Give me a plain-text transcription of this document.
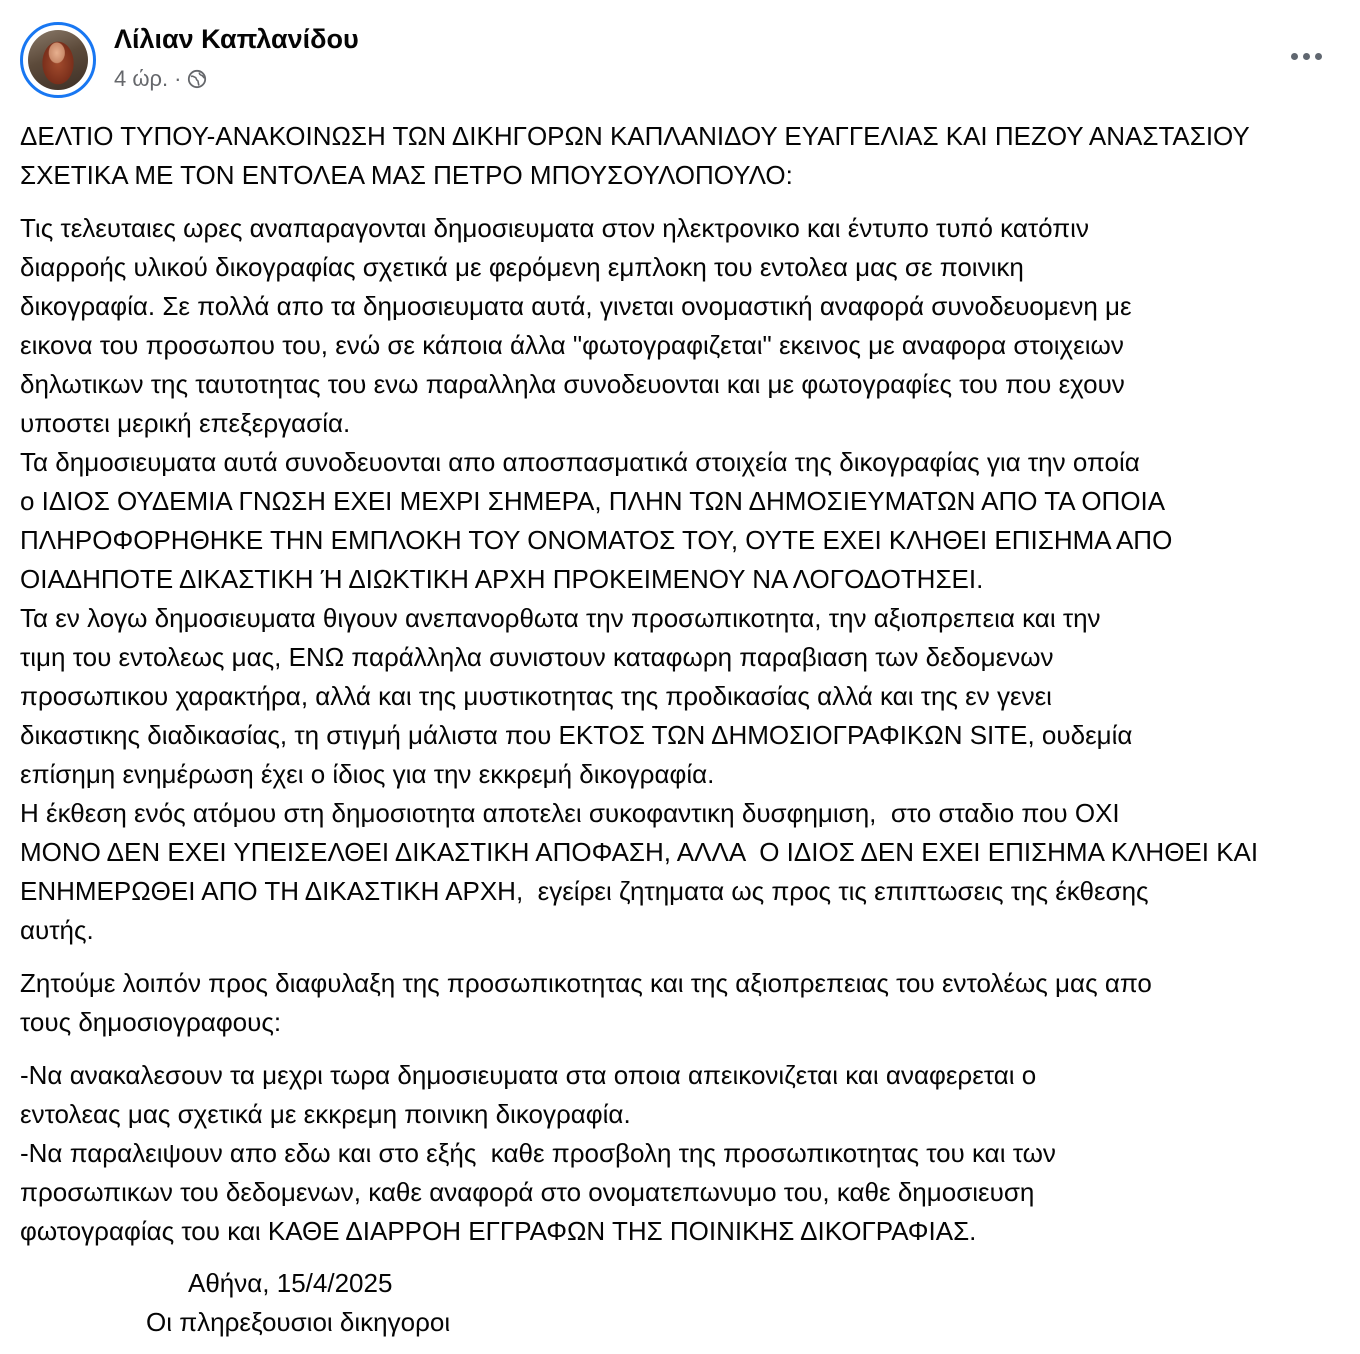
Λίλιαν Καπλανίδου
4 ώρ. ·
ΔΕΛΤΙΟ ΤΥΠΟΥ-ΑΝΑΚΟΙΝΩΣΗ ΤΩΝ ΔΙΚΗΓΟΡΩΝ ΚΑΠΛΑΝΙΔΟΥ ΕΥΑΓΓΕΛΙΑΣ ΚΑΙ ΠΕΖΟΥ ΑΝΑΣΤΑΣΙΟΥ
ΣΧΕΤΙΚΑ ΜΕ ΤΟΝ ΕΝΤΟΛΕΑ ΜΑΣ ΠΕΤΡΟ ΜΠΟΥΣΟΥΛΟΠΟΥΛΟ:
Τις τελευταιες ωρες αναπαραγονται δημοσιευματα στον ηλεκτρονικο και έντυπο τυπό κατόπιν
διαρροής υλικού δικογραφίας σχετικά με φερόμενη εμπλοκη του εντολεα μας σε ποινικη
δικογραφία. Σε πολλά απο τα δημοσιευματα αυτά, γινεται ονομαστική αναφορά συνοδευομενη με
εικονα του προσωπου του, ενώ σε κάποια άλλα "φωτογραφιζεται" εκεινος με αναφορα στοιχειων
δηλωτικων της ταυτοτητας του ενω παραλληλα συνοδευονται και με φωτογραφίες του που εχουν
υποστει μερική επεξεργασία.
Τα δημοσιευματα αυτά συνοδευονται απο αποσπασματικά στοιχεία της δικογραφίας για την οποία
ο ΙΔΙΟΣ ΟΥΔΕΜΙΑ ΓΝΩΣΗ ΕΧΕΙ ΜΕΧΡΙ ΣΗΜΕΡΑ, ΠΛΗΝ ΤΩΝ ΔΗΜΟΣΙΕΥΜΑΤΩΝ ΑΠΟ ΤΑ ΟΠΟΙΑ
ΠΛΗΡΟΦΟΡΗΘΗΚΕ ΤΗΝ ΕΜΠΛΟΚΗ ΤΟΥ ΟΝΟΜΑΤΟΣ ΤΟΥ, ΟΥΤΕ ΕΧΕΙ ΚΛΗΘΕΙ ΕΠΙΣΗΜΑ ΑΠΟ
ΟΙΑΔΗΠΟΤΕ ΔΙΚΑΣΤΙΚΗ Ή ΔΙΩΚΤΙΚΗ ΑΡΧΗ ΠΡΟΚΕΙΜΕΝΟΥ ΝΑ ΛΟΓΟΔΟΤΗΣΕΙ.
Τα εν λογω δημοσιευματα θιγουν ανεπανορθωτα την προσωπικοτητα, την αξιοπρεπεια και την
τιμη του εντολεως μας, ΕΝΩ παράλληλα συνιστουν καταφωρη παραβιαση των δεδομενων
προσωπικου χαρακτήρα, αλλά και της μυστικοτητας της προδικασίας αλλά και της εν γενει
δικαστικης διαδικασίας, τη στιγμή μάλιστα που ΕΚΤΟΣ ΤΩΝ ΔΗΜΟΣΙΟΓΡΑΦΙΚΩΝ SITE, ουδεμία
επίσημη ενημέρωση έχει ο ίδιος για την εκκρεμή δικογραφία.
Η έκθεση ενός ατόμου στη δημοσιοτητα αποτελει συκοφαντικη δυσφημιση,  στο σταδιο που ΟΧΙ
ΜΟΝΟ ΔΕΝ ΕΧΕΙ ΥΠΕΙΣΕΛΘΕΙ ΔΙΚΑΣΤΙΚΗ ΑΠΟΦΑΣΗ, ΑΛΛΑ  Ο ΙΔΙΟΣ ΔΕΝ ΕΧΕΙ ΕΠΙΣΗΜΑ ΚΛΗΘΕΙ ΚΑΙ
ΕΝΗΜΕΡΩΘΕΙ ΑΠΟ ΤΗ ΔΙΚΑΣΤΙΚΗ ΑΡΧΗ,  εγείρει ζητηματα ως προς τις επιπτωσεις της έκθεσης
αυτής.
Ζητούμε λοιπόν προς διαφυλαξη της προσωπικοτητας και της αξιοπρεπειας του εντολέως μας απο
τους δημοσιογραφους:
-Να ανακαλεσουν τα μεχρι τωρα δημοσιευματα στα οποια απεικονιζεται και αναφερεται ο
εντολεας μας σχετικά με εκκρεμη ποινικη δικογραφία.
-Να παραλειψουν απο εδω και στο εξής  καθε προσβολη της προσωπικοτητας του και των
προσωπικων του δεδομενων, καθε αναφορά στο ονοματεπωνυμο του, καθε δημοσιευση
φωτογραφίας του και ΚΑΘΕ ΔΙΑΡΡΟΗ ΕΓΓΡΑΦΩΝ ΤΗΣ ΠΟΙΝΙΚΗΣ ΔΙΚΟΓΡΑΦΙΑΣ.
Αθήνα, 15/4/2025
Οι πληρεξουσιοι δικηγοροι
